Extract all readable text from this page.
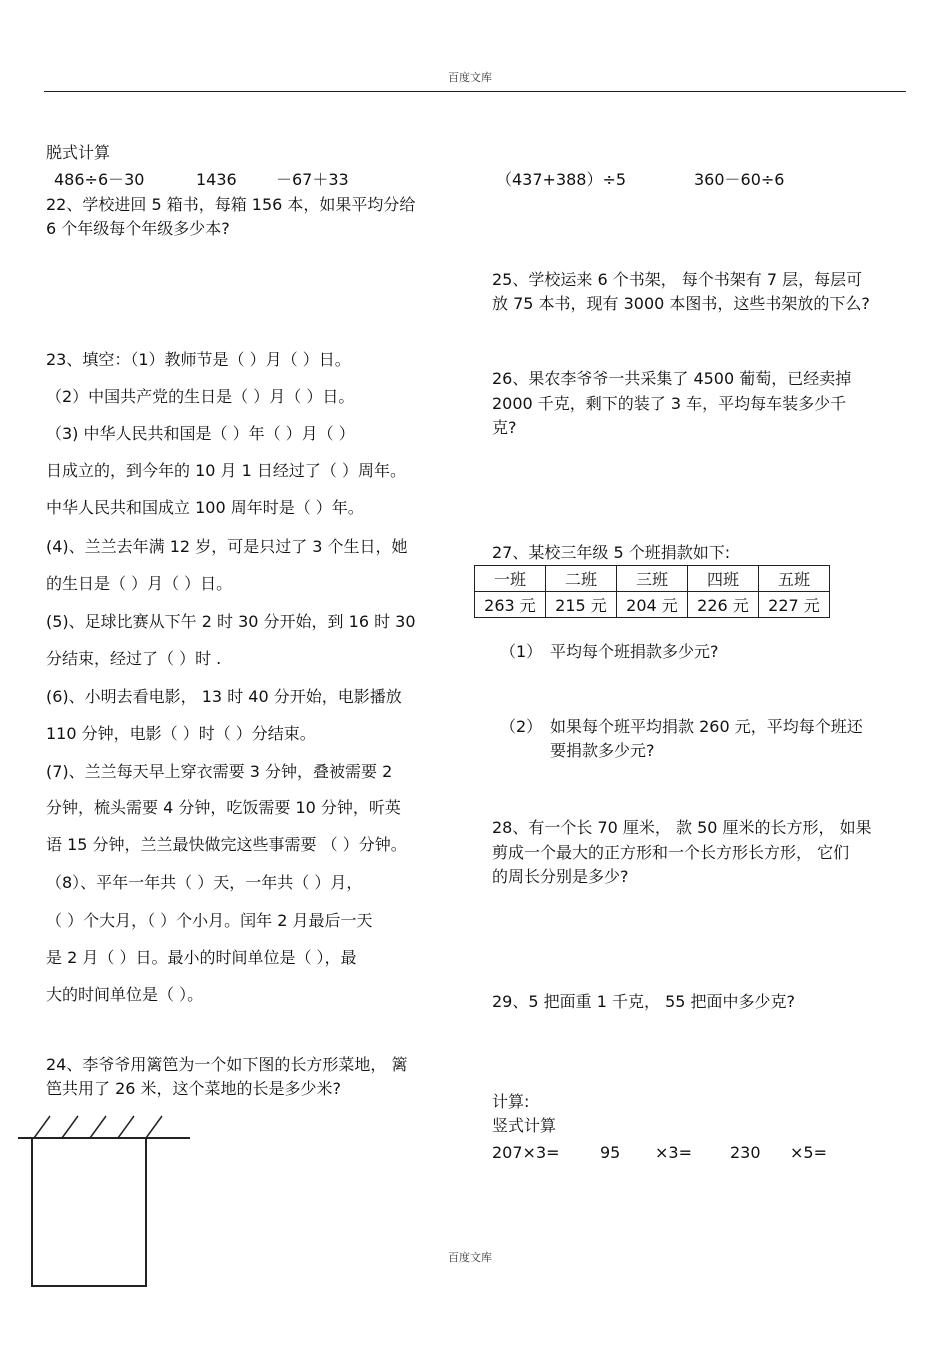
百度文库
百度文库
脱式计算
486÷6－30	1436 －67＋33
22、学校进回 5 箱书，每箱 156 本，如果平均分给
6 个年级每个年级多少本?
23、填空：（1）教师节是（ ）月（ ）日。
（2）中国共产党的生日是（ ）月（ ）日。
（3) 中华人民共和国是（ ）年（ ）月（ ）
日成立的，到今年的 10 月 1 日经过了（ ）周年。
中华人民共和国成立 100 周年时是（ ）年。
(4)、兰兰去年满 12 岁，可是只过了 3 个生日，她
的生日是（ ）月（ ）日。
(5)、足球比赛从下午 2 时 30 分开始，到 16 时 30
分结束，经过了（ ）时 .
(6)、小明去看电影， 13 时 40 分开始，电影播放
110 分钟，电影（ ）时（ ）分结束。
(7)、兰兰每天早上穿衣需要 3 分钟，叠被需要 2
分钟，梳头需要 4 分钟，吃饭需要 10 分钟，听英
语 15 分钟，兰兰最快做完这些事需要 （ ）分钟。
（8）、平年一年共（ ）天，一年共（ ）月，
（ ）个大月，（ ）个小月。闰年 2 月最后一天
是 2 月（ ）日。最小的时间单位是（ ），最
大的时间单位是（ ）。
24、李爷爷用篱笆为一个如下图的长方形菜地， 篱
笆共用了 26 米，这个菜地的长是多少米?
（437+388）÷5	360－60÷6
25、学校运来 6 个书架， 每个书架有 7 层，每层可
放 75 本书，现有 3000 本图书，这些书架放的下么?
26、果农李爷爷一共采集了 4500 葡萄，已经卖掉
2000 千克，剩下的装了 3 车，平均每车装多少千
克?
27、某校三年级 5 个班捐款如下:
一班	二班	三班	四班	五班
263 元	215 元	204 元	226 元	227 元
（1） 平均每个班捐款多少元?
（2） 如果每个班平均捐款 260 元，平均每个班还
要捐款多少元?
28、有一个长 70 厘米， 款 50 厘米的长方形， 如果
剪成一个最大的正方形和一个长方形长方形， 它们
的周长分别是多少?
29、5 把面重 1 千克， 55 把面中多少克?
计算:
竖式计算
207×3=	95 ×3= 230 ×5=
